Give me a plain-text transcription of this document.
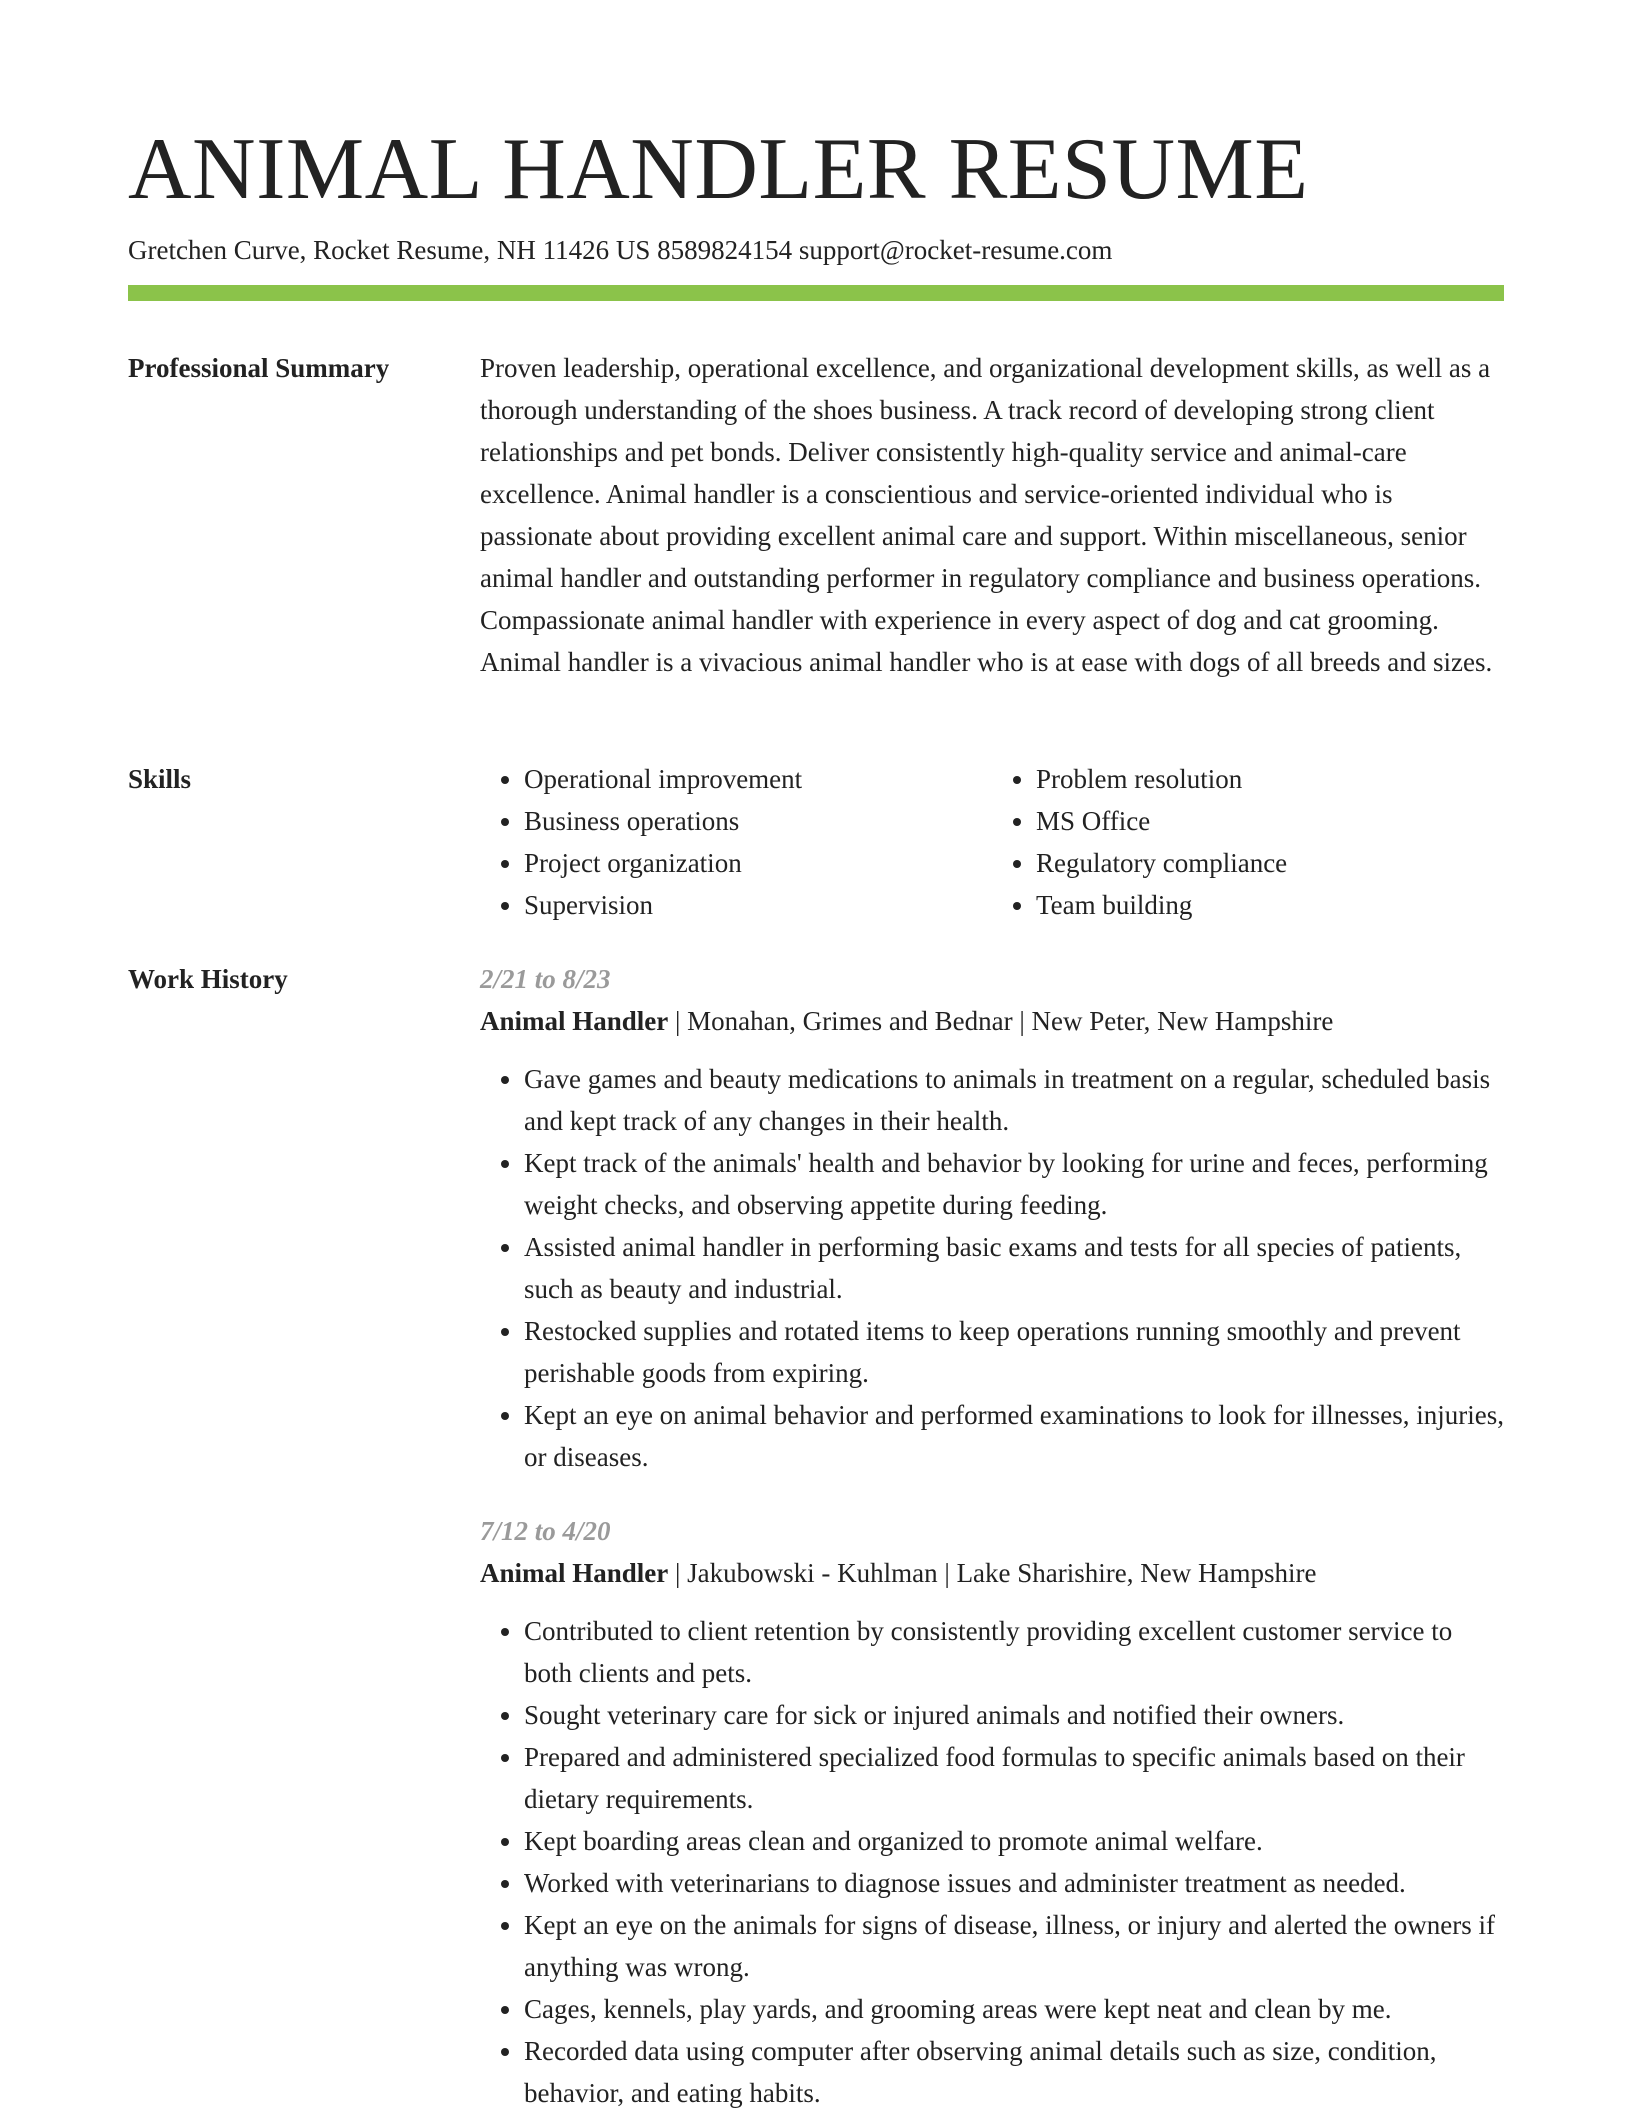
ANIMAL HANDLER RESUME
Gretchen Curve, Rocket Resume, NH 11426 US 8589824154 support@rocket-resume.com
Professional Summary	Proven leadership, operational excellence, and organizational development skills, as well as a thorough understanding of the shoes business. A track record of developing strong client relationships and pet bonds. Deliver consistently high-quality service and animal-care excellence. Animal handler is a conscientious and service-oriented individual who is passionate about providing excellent animal care and support. Within miscellaneous, senior animal handler and outstanding performer in regulatory compliance and business operations. Compassionate animal handler with experience in every aspect of dog and cat grooming. Animal handler is a vivacious animal handler who is at ease with dogs of all breeds and sizes.

Skills
•	Operational improvement
• Business operations
• Project organization
• Supervision
• Problem resolution
• MS Office
• Regulatory compliance
• Team building
Work History	2/21 to 8/23
Animal Handler | Monahan, Grimes and Bednar | New Peter, New Hampshire
• Gave games and beauty medications to animals in treatment on a regular, scheduled basis and kept track of any changes in their health.
• Kept track of the animals' health and behavior by looking for urine and feces, performing weight checks, and observing appetite during feeding.
• Assisted animal handler in performing basic exams and tests for all species of patients, such as beauty and industrial.
• Restocked supplies and rotated items to keep operations running smoothly and prevent perishable goods from expiring.
• Kept an eye on animal behavior and performed examinations to look for illnesses, injuries, or diseases.
7/12 to 4/20
Animal Handler | Jakubowski - Kuhlman | Lake Sharishire, New Hampshire
• Contributed to client retention by consistently providing excellent customer service to both clients and pets.
• Sought veterinary care for sick or injured animals and notified their owners.
• Prepared and administered specialized food formulas to specific animals based on their dietary requirements.
• Kept boarding areas clean and organized to promote animal welfare.
• Worked with veterinarians to diagnose issues and administer treatment as needed.
• Kept an eye on the animals for signs of disease, illness, or injury and alerted the owners if anything was wrong.
• Cages, kennels, play yards, and grooming areas were kept neat and clean by me.
• Recorded data using computer after observing animal details such as size, condition, behavior, and eating habits.
